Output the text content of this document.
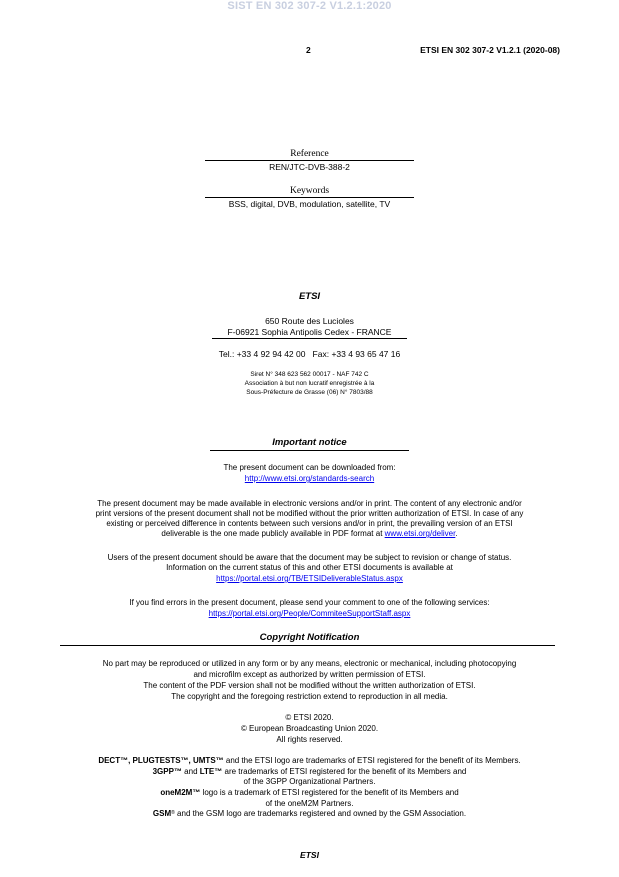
SIST EN 302 307-2 V1.2.1:2020
2	ETSI EN 302 307-2 V1.2.1 (2020-08)
Reference
REN/JTC-DVB-388-2
Keywords
BSS, digital, DVB, modulation, satellite, TV
ETSI
650 Route des Lucioles
F-06921 Sophia Antipolis Cedex - FRANCE
Tel.: +33 4 92 94 42 00   Fax: +33 4 93 65 47 16
Siret N° 348 623 562 00017 - NAF 742 C
Association à but non lucratif enregistrée à la
Sous-Préfecture de Grasse (06) N° 7803/88
Important notice
The present document can be downloaded from:
http://www.etsi.org/standards-search
The present document may be made available in electronic versions and/or in print. The content of any electronic and/or
print versions of the present document shall not be modified without the prior written authorization of ETSI. In case of any
existing or perceived difference in contents between such versions and/or in print, the prevailing version of an ETSI
deliverable is the one made publicly available in PDF format at www.etsi.org/deliver.
Users of the present document should be aware that the document may be subject to revision or change of status.
Information on the current status of this and other ETSI documents is available at
https://portal.etsi.org/TB/ETSIDeliverableStatus.aspx
If you find errors in the present document, please send your comment to one of the following services:
https://portal.etsi.org/People/CommiteeSupportStaff.aspx
Copyright Notification
No part may be reproduced or utilized in any form or by any means, electronic or mechanical, including photocopying
and microfilm except as authorized by written permission of ETSI.
The content of the PDF version shall not be modified without the written authorization of ETSI.
The copyright and the foregoing restriction extend to reproduction in all media.
© ETSI 2020.
© European Broadcasting Union 2020.
All rights reserved.
DECT™, PLUGTESTS™, UMTS™ and the ETSI logo are trademarks of ETSI registered for the benefit of its Members.
3GPP™ and LTE™ are trademarks of ETSI registered for the benefit of its Members and
of the 3GPP Organizational Partners.
oneM2M™ logo is a trademark of ETSI registered for the benefit of its Members and
of the oneM2M Partners.
GSM® and the GSM logo are trademarks registered and owned by the GSM Association.
ETSI
